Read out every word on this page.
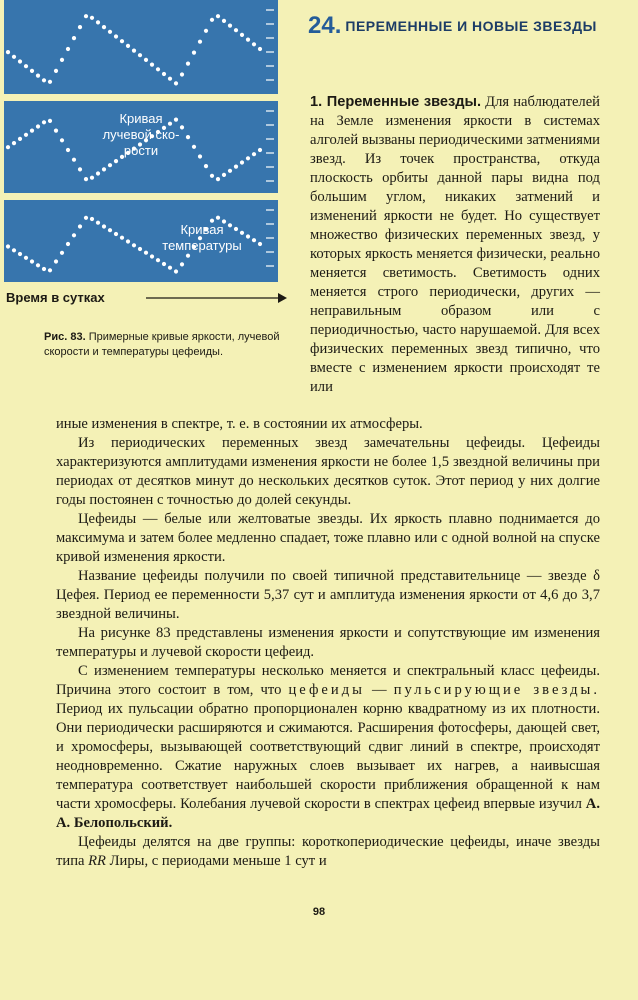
Кривая
лучевой ско-
рости
Кривая
температуры
Время в сутках
Рис. 83. Примерные кривые яркости, лучевой скорости и температуры цефеиды.
24. ПЕРЕМЕННЫЕ И НОВЫЕ ЗВЕЗДЫ

1. Переменные звезды. Для наблюдателей на Земле изменения яркости в системах алголей вызваны периодическими затмениями звезд. Из точек пространства, откуда плоскость орбиты данной пары видна под большим углом, никаких затмений и изменений яркости не будет. Но существует множество физических переменных звезд, у которых яркость меняется физически, реально меняется светимость. Светимость одних меняется строго периодически, других — неправильным образом или с периодичностью, часто нарушаемой. Для всех физических переменных звезд типично, что вместе с изменением яркости происходят те или

иные изменения в спектре, т. е. в состоянии их атмосферы.

Из периодических переменных звезд замечательны цефеиды. Цефеиды характеризуются амплитудами изменения яркости не более 1,5 звездной величины при периодах от десятков минут до нескольких десятков суток. Этот период у них долгие годы постоянен с точностью до долей секунды.

Цефеиды — белые или желтоватые звезды. Их яркость плавно поднимается до максимума и затем более медленно спадает, тоже плавно или с одной волной на спуске кривой изменения яркости.

Название цефеиды получили по своей типичной представительнице — звезде δ Цефея. Период ее переменности 5,37 сут и амплитуда изменения яркости от 4,6 до 3,7 звездной величины.

На рисунке 83 представлены изменения яркости и сопутствующие им изменения температуры и лучевой скорости цефеид.

С изменением температуры несколько меняется и спектральный класс цефеиды. Причина этого состоит в том, что цефеиды — пульсирующие звезды. Период их пульсации обратно пропорционален корню квадратному из их плотности. Они периодически расширяются и сжимаются. Расширения фотосферы, дающей свет, и хромосферы, вызывающей соответствующий сдвиг линий в спектре, происходят неодновременно. Сжатие наружных слоев вызывает их нагрев, а наивысшая температура соответствует наибольшей скорости приближения обращенной к нам части хромосферы. Колебания лучевой скорости в спектрах цефеид впервые изучил А. А. Белопольский.

Цефеиды делятся на две группы: короткопериодические цефеиды, иначе звезды типа RR Лиры, с периодами меньше 1 сут и

98
